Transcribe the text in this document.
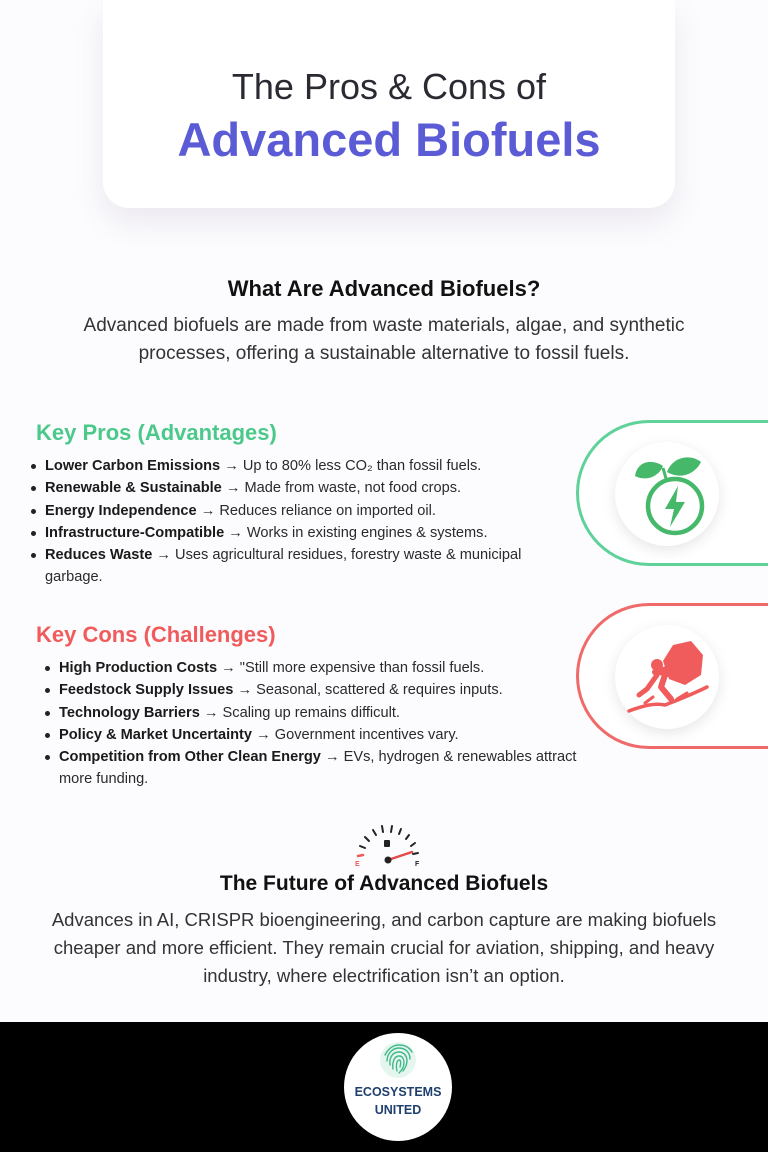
The Pros & Cons of
Advanced Biofuels
What Are Advanced Biofuels?
Advanced biofuels are made from waste materials, algae, and synthetic processes, offering a sustainable alternative to fossil fuels.
Key Pros (Advantages)
Lower Carbon Emissions → Up to 80% less CO₂ than fossil fuels.
Renewable & Sustainable → Made from waste, not food crops.
Energy Independence → Reduces reliance on imported oil.
Infrastructure-Compatible → Works in existing engines & systems.
Reduces Waste → Uses agricultural residues, forestry waste & municipal garbage.
Key Cons (Challenges)
High Production Costs → "Still more expensive than fossil fuels.
Feedstock Supply Issues → Seasonal, scattered & requires inputs.
Technology Barriers → Scaling up remains difficult.
Policy & Market Uncertainty → Government incentives vary.
Competition from Other Clean Energy → EVs, hydrogen & renewables attract more funding.
E	F
The Future of Advanced Biofuels
Advances in AI, CRISPR bioengineering, and carbon capture are making biofuels cheaper and more efficient. They remain crucial for aviation, shipping, and heavy industry, where electrification isn’t an option.
ECOSYSTEMS
UNITED
